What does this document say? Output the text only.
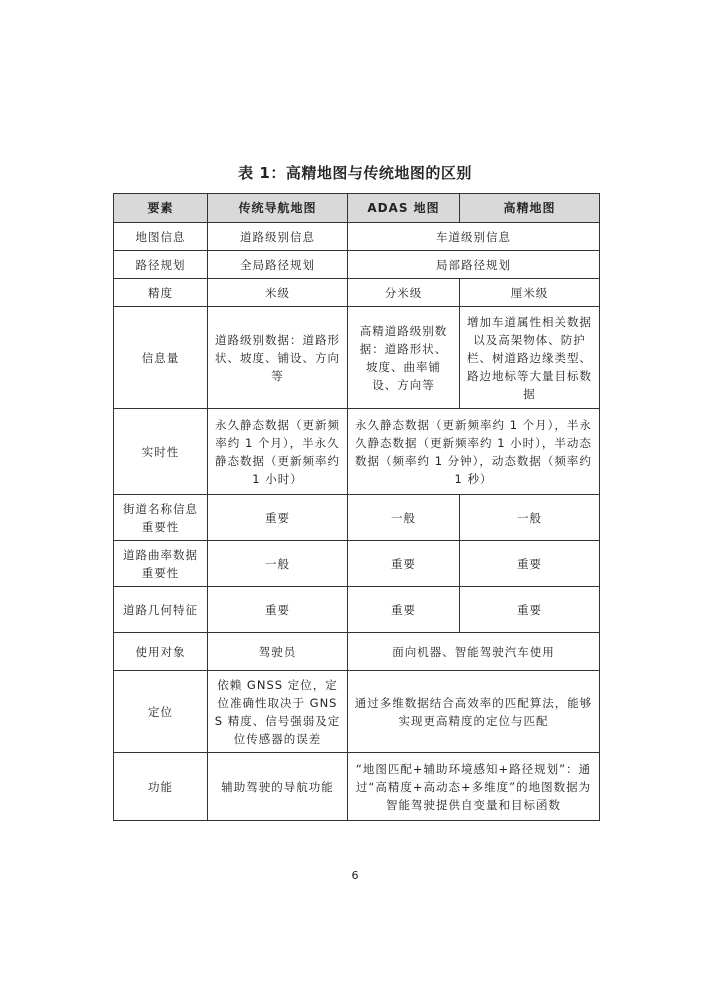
表 1：高精地图与传统地图的区别
要素	传统导航地图	ADAS 地图	高精地图
地图信息	道路级别信息	车道级别信息	
路径规划	全局路径规划	局部路径规划	
精度	米级	分米级	厘米级
信息量	道路级别数据：道路形状、坡度、铺设、方向等	高精道路级别数据：道路形状、坡度、曲率铺设、方向等	增加车道属性相关数据以及高架物体、防护栏、树道路边缘类型、路边地标等大量目标数据
实时性	永久静态数据（更新频率约 1 个月），半永久静态数据（更新频率约 1 小时）	永久静态数据（更新频率约 1 个月），半永久静态数据（更新频率约 1 小时），半动态数据（频率约 1 分钟），动态数据（频率约 1 秒）	
街道名称信息重要性	重要	一般	一般
道路曲率数据重要性	一般	重要	重要
道路几何特征	重要	重要	重要
使用对象	驾驶员	面向机器、智能驾驶汽车使用	
定位	依赖 GNSS 定位，定位准确性取决于 GNSS 精度、信号强弱及定位传感器的误差	通过多维数据结合高效率的匹配算法，能够实现更高精度的定位与匹配	
功能	辅助驾驶的导航功能	“地图匹配+辅助环境感知+路径规划”：通过“高精度+高动态+多维度”的地图数据为智能驾驶提供自变量和目标函数	
6
